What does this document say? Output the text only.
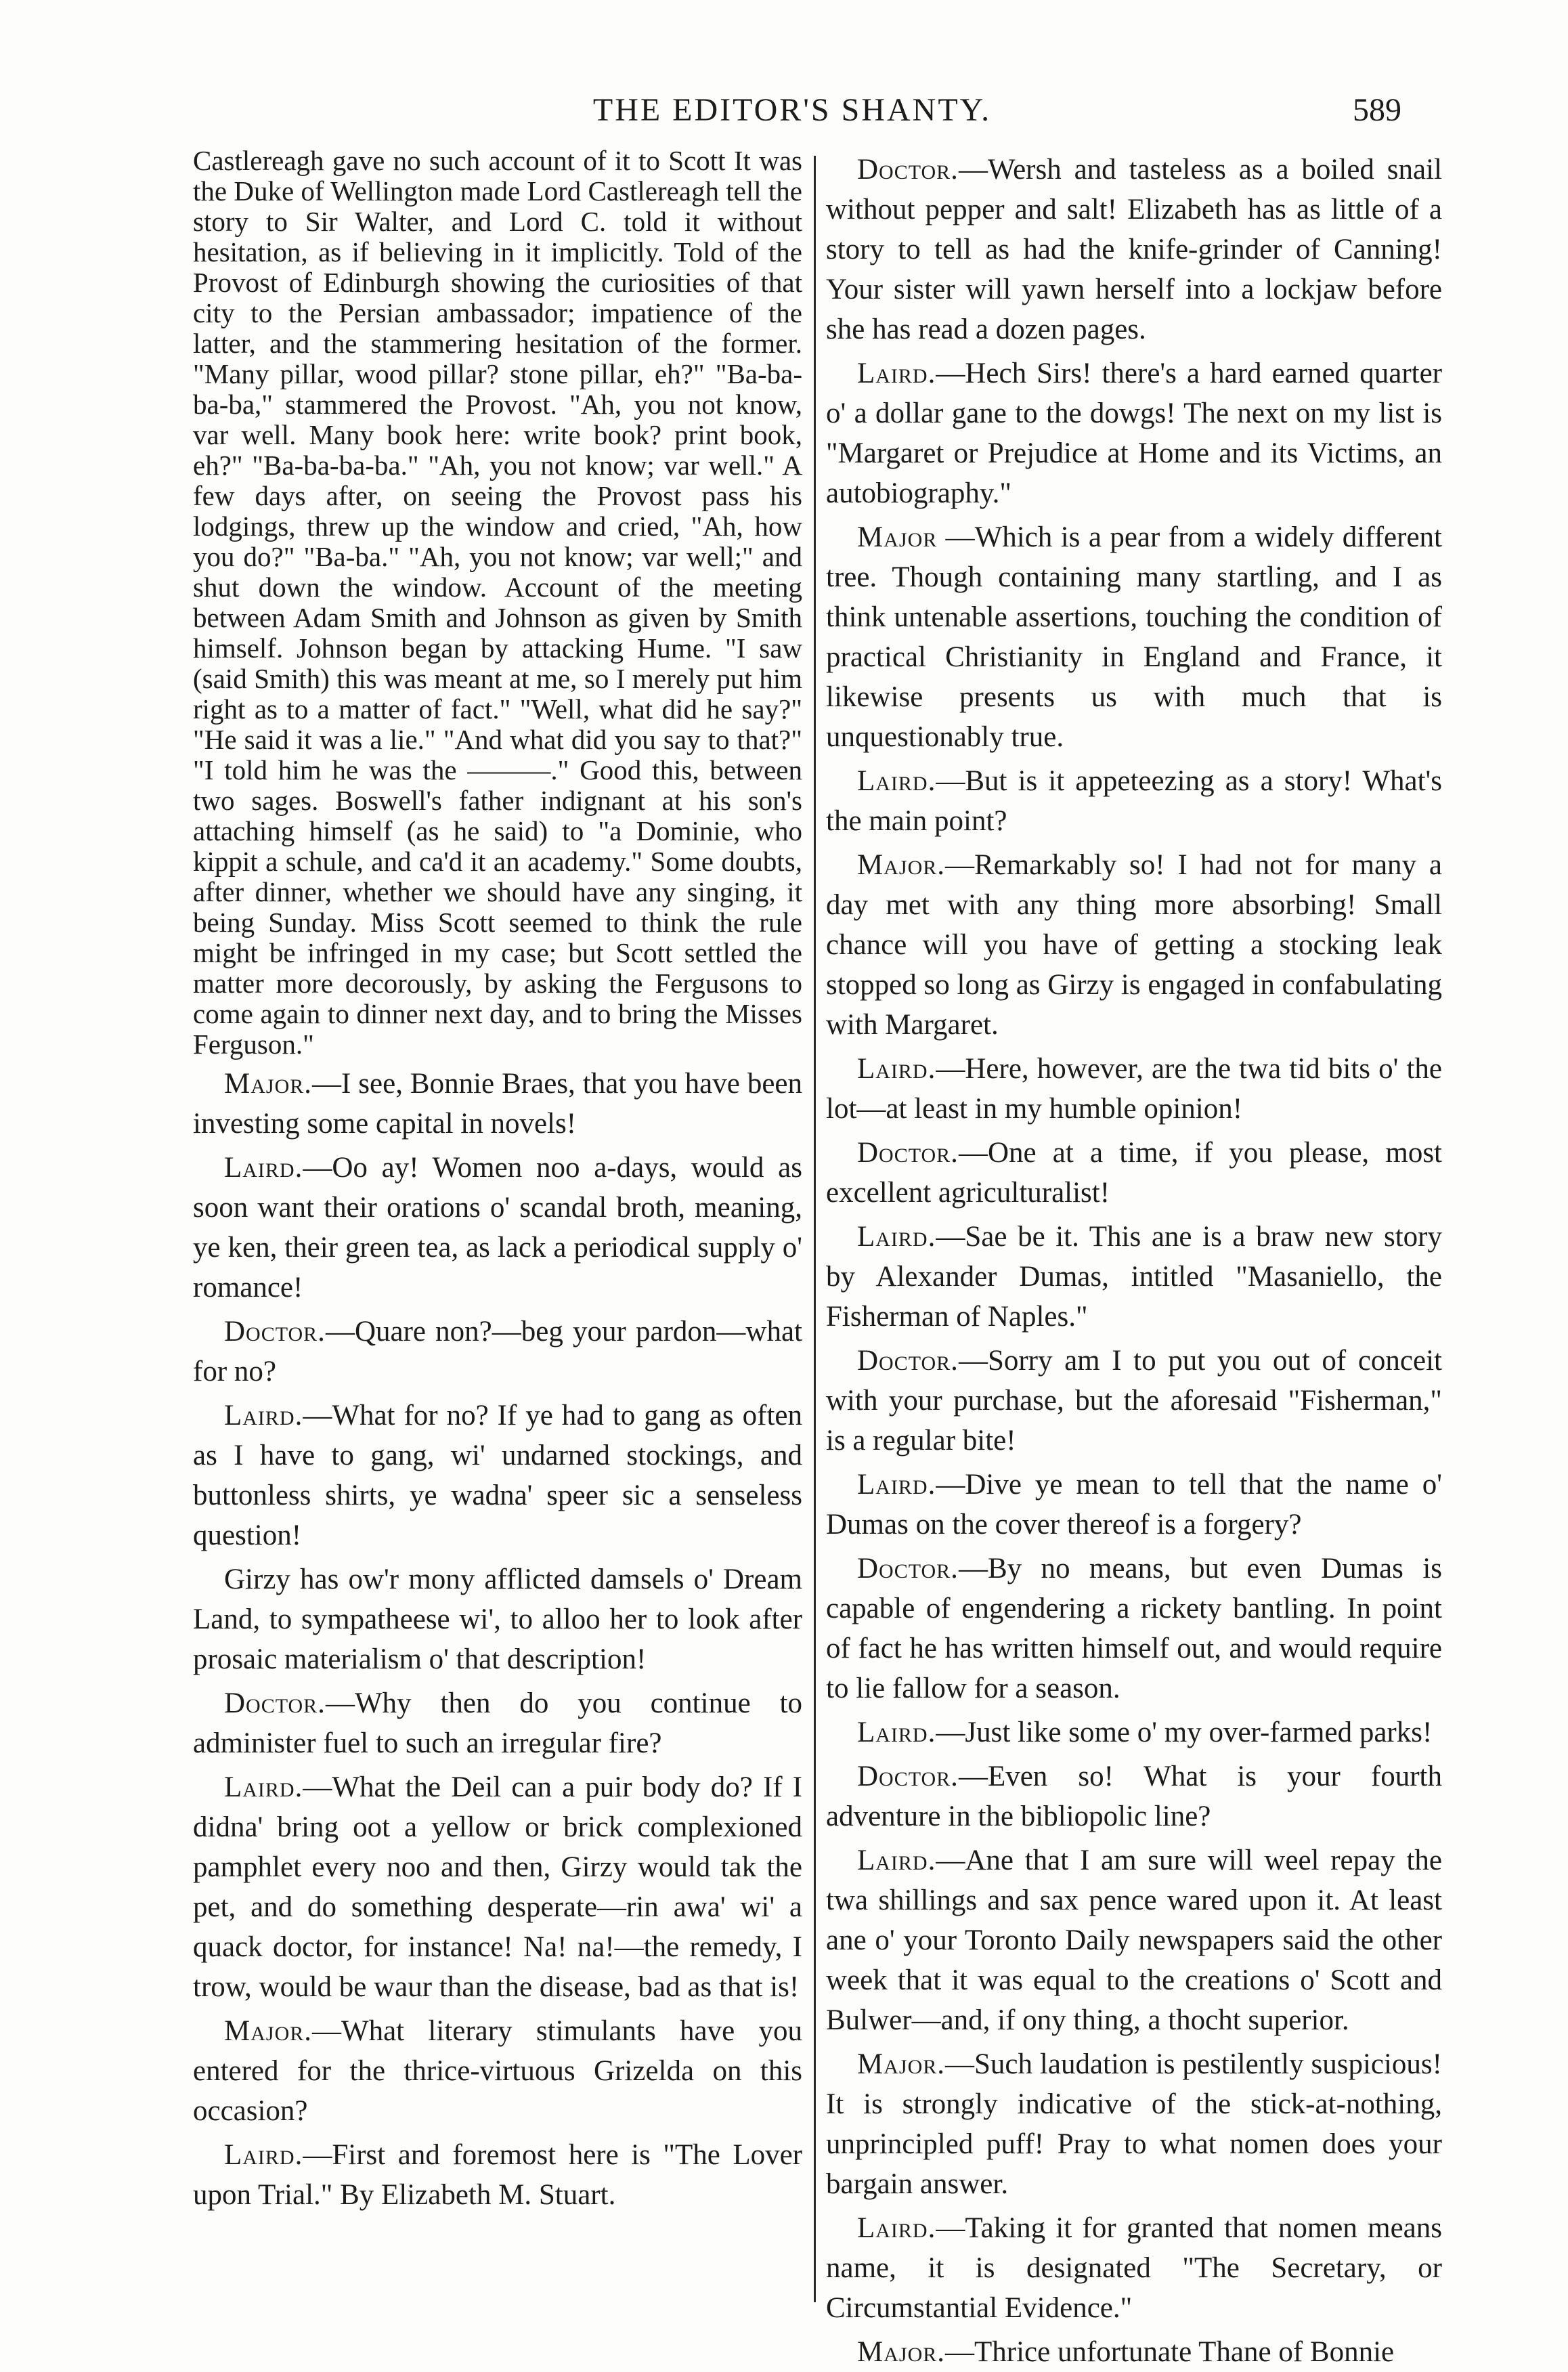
THE EDITOR'S SHANTY.	589

Castlereagh gave no such account of it to Scott It was the Duke of Wellington made Lord Castlereagh tell the story to Sir Walter, and Lord C. told it without hesitation, as if believing in it implicitly. Told of the Provost of Edinburgh showing the curiosities of that city to the Persian ambassador; impatience of the latter, and the stammering hesitation of the former. "Many pillar, wood pillar? stone pillar, eh?" "Ba-ba-ba-ba," stammered the Provost. "Ah, you not know, var well. Many book here: write book? print book, eh?" "Ba-ba-ba-ba." "Ah, you not know; var well." A few days after, on seeing the Provost pass his lodgings, threw up the window and cried, "Ah, how you do?" "Ba-ba." "Ah, you not know; var well;" and shut down the window. Account of the meeting between Adam Smith and Johnson as given by Smith himself. Johnson began by attacking Hume. "I saw (said Smith) this was meant at me, so I merely put him right as to a matter of fact." "Well, what did he say?" "He said it was a lie." "And what did you say to that?" "I told him he was the ———." Good this, between two sages. Boswell's father indignant at his son's attaching himself (as he said) to "a Dominie, who kippit a schule, and ca'd it an academy." Some doubts, after dinner, whether we should have any singing, it being Sunday. Miss Scott seemed to think the rule might be infringed in my case; but Scott settled the matter more decorously, by asking the Fergusons to come again to dinner next day, and to bring the Misses Ferguson."

Major.—I see, Bonnie Braes, that you have been investing some capital in novels!

Laird.—Oo ay! Women noo a-days, would as soon want their orations o' scandal broth, meaning, ye ken, their green tea, as lack a periodical supply o' romance!

Doctor.—Quare non?—beg your pardon—what for no?

Laird.—What for no? If ye had to gang as often as I have to gang, wi' undarned stockings, and buttonless shirts, ye wadna' speer sic a senseless question!

Girzy has ow'r mony afflicted damsels o' Dream Land, to sympatheese wi', to alloo her to look after prosaic materialism o' that description!

Doctor.—Why then do you continue to administer fuel to such an irregular fire?

Laird.—What the Deil can a puir body do? If I didna' bring oot a yellow or brick complexioned pamphlet every noo and then, Girzy would tak the pet, and do something desperate—rin awa' wi' a quack doctor, for instance! Na! na!—the remedy, I trow, would be waur than the disease, bad as that is!

Major.—What literary stimulants have you entered for the thrice-virtuous Grizelda on this occasion?

Laird.—First and foremost here is "The Lover upon Trial." By Elizabeth M. Stuart.

Doctor.—Wersh and tasteless as a boiled snail without pepper and salt! Elizabeth has as little of a story to tell as had the knife-grinder of Canning! Your sister will yawn herself into a lockjaw before she has read a dozen pages.

Laird.—Hech Sirs! there's a hard earned quarter o' a dollar gane to the dowgs! The next on my list is "Margaret or Prejudice at Home and its Victims, an autobiography."

Major —Which is a pear from a widely different tree. Though containing many startling, and I as think untenable assertions, touching the condition of practical Christianity in England and France, it likewise presents us with much that is unquestionably true.

Laird.—But is it appeteezing as a story! What's the main point?

Major.—Remarkably so! I had not for many a day met with any thing more absorbing! Small chance will you have of getting a stocking leak stopped so long as Girzy is engaged in confabulating with Margaret.

Laird.—Here, however, are the twa tid bits o' the lot—at least in my humble opinion!

Doctor.—One at a time, if you please, most excellent agriculturalist!

Laird.—Sae be it. This ane is a braw new story by Alexander Dumas, intitled "Masaniello, the Fisherman of Naples."

Doctor.—Sorry am I to put you out of conceit with your purchase, but the aforesaid "Fisherman," is a regular bite!

Laird.—Dive ye mean to tell that the name o' Dumas on the cover thereof is a forgery?

Doctor.—By no means, but even Dumas is capable of engendering a rickety bantling. In point of fact he has written himself out, and would require to lie fallow for a season.

Laird.—Just like some o' my over-farmed parks!

Doctor.—Even so! What is your fourth adventure in the bibliopolic line?

Laird.—Ane that I am sure will weel repay the twa shillings and sax pence wared upon it. At least ane o' your Toronto Daily newspapers said the other week that it was equal to the creations o' Scott and Bulwer—and, if ony thing, a thocht superior.

Major.—Such laudation is pestilently suspicious! It is strongly indicative of the stick-at-nothing, unprincipled puff! Pray to what nomen does your bargain answer.

Laird.—Taking it for granted that nomen means name, it is designated "The Secretary, or Circumstantial Evidence."

Major.—Thrice unfortunate Thane of Bonnie
